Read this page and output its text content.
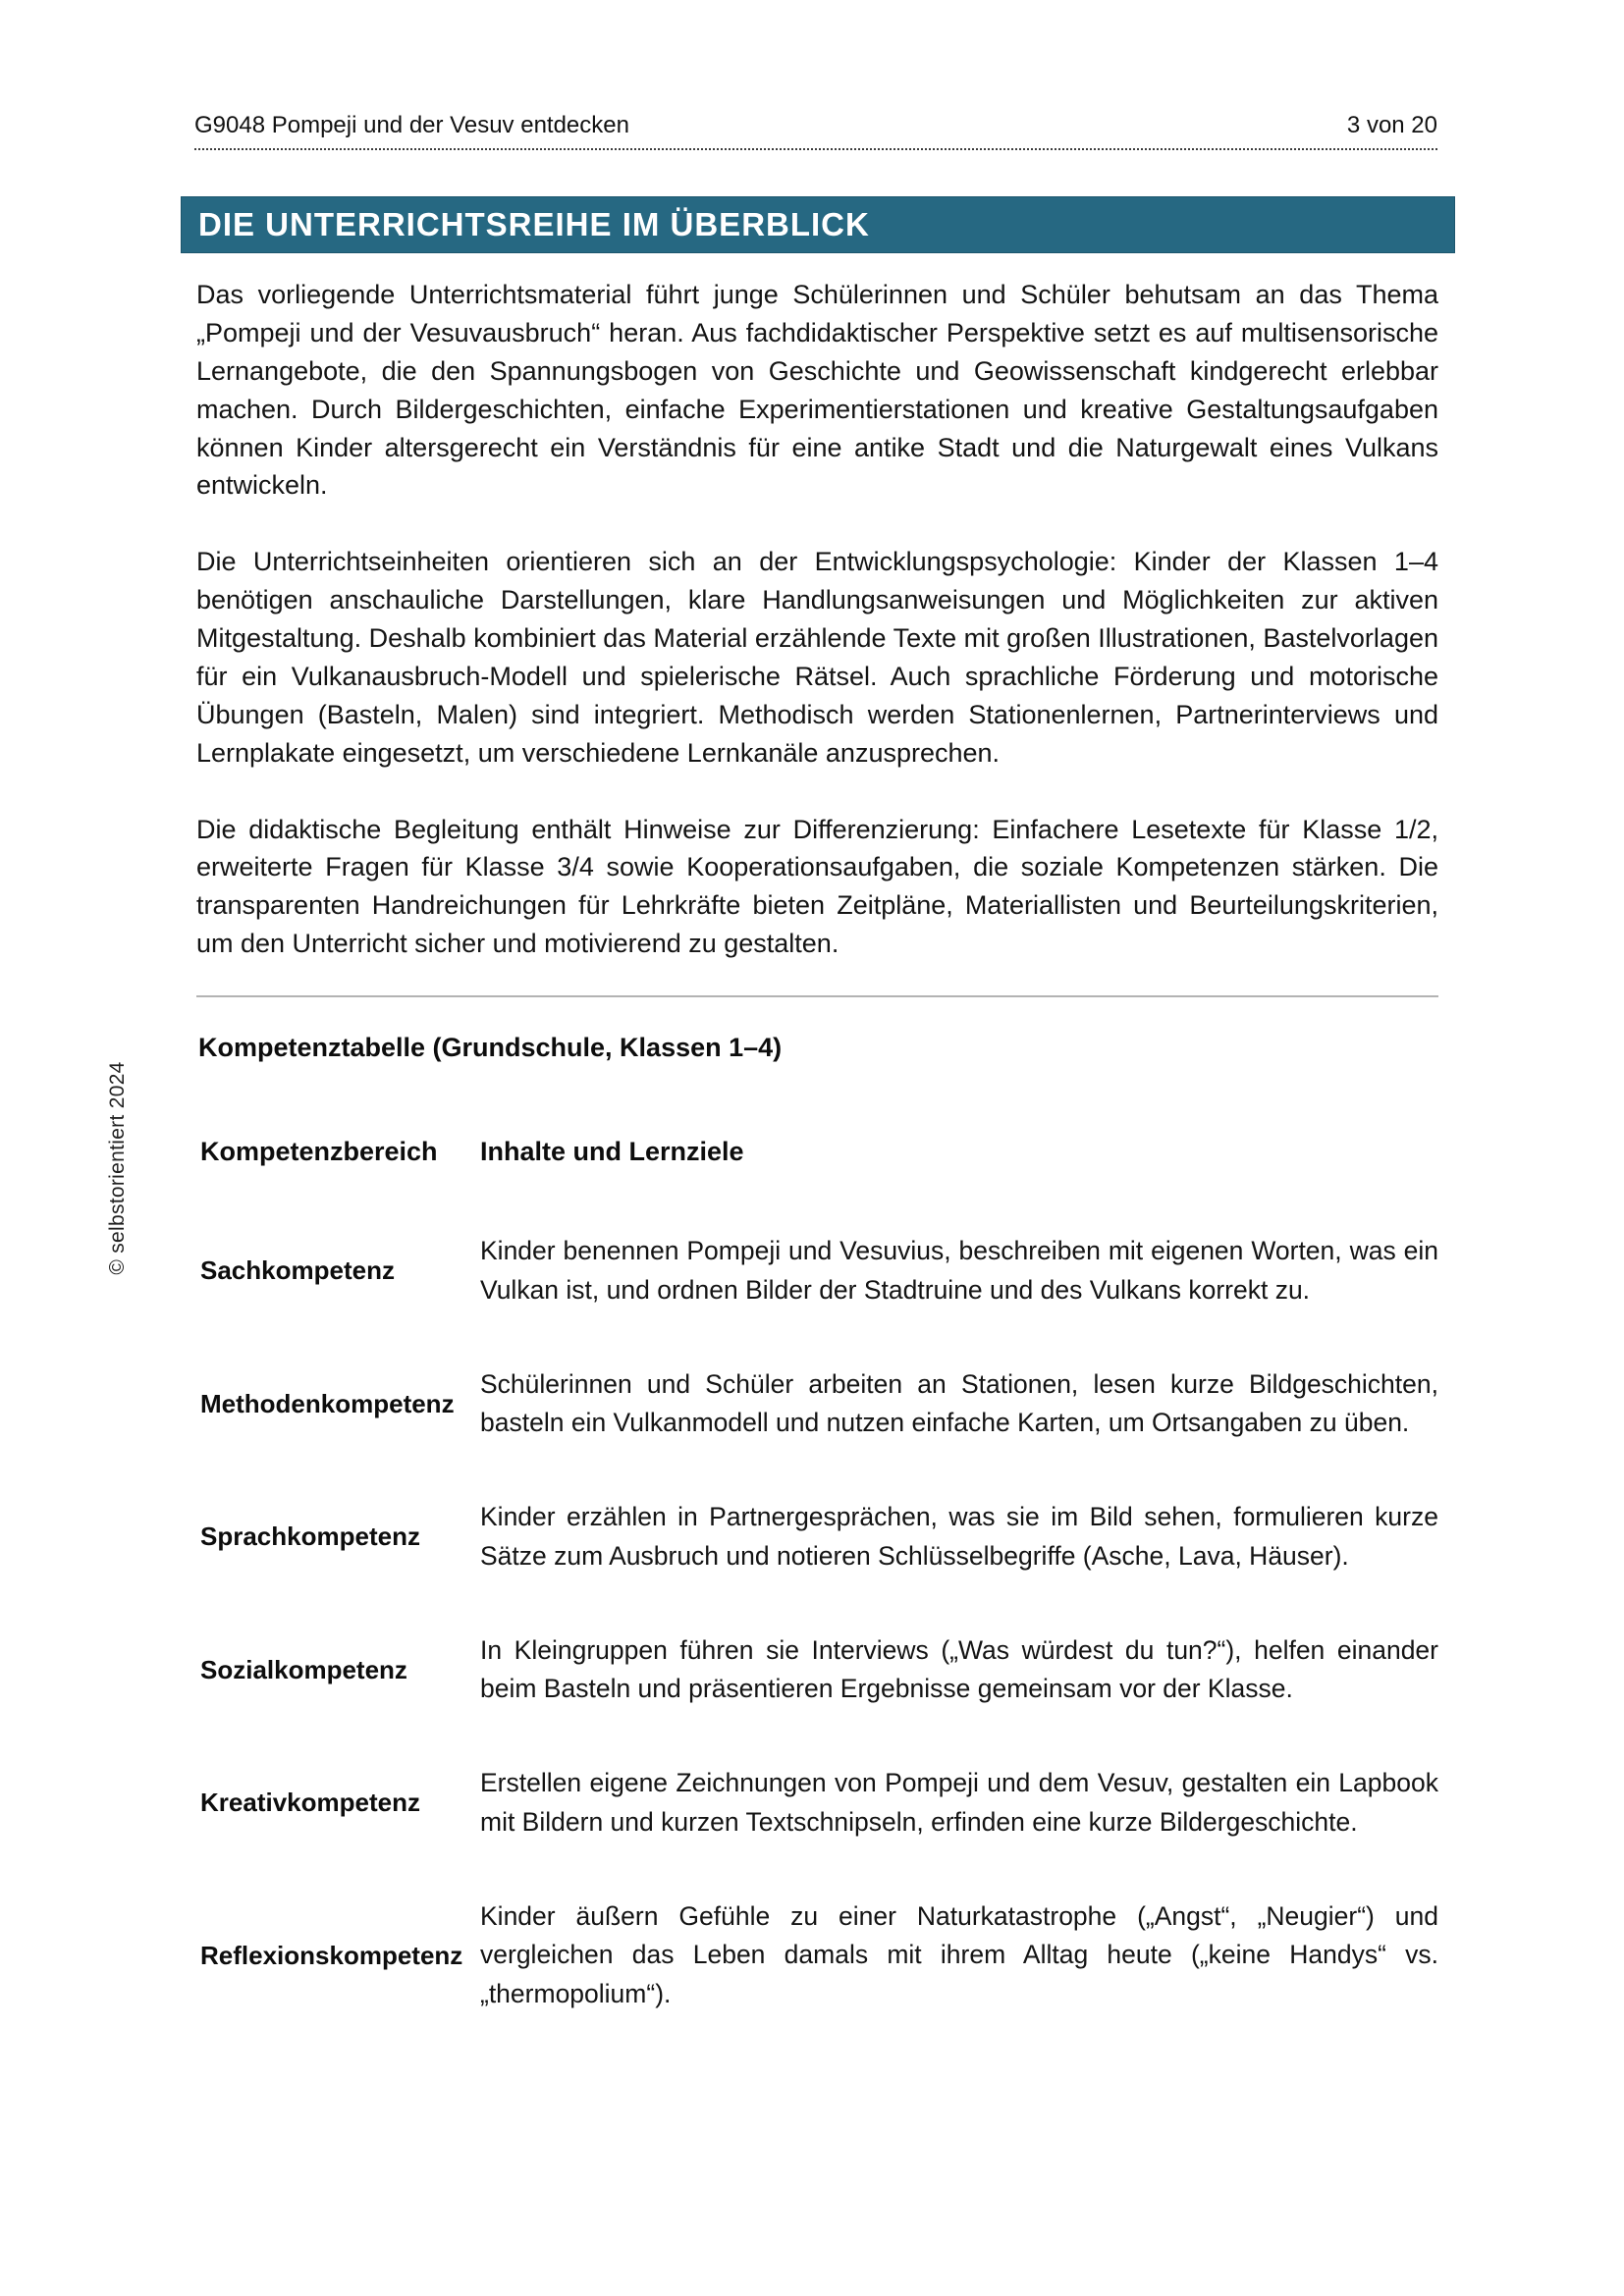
G9048 Pompeji und der Vesuv entdecken	3 von 20
DIE UNTERRICHTSREIHE IM ÜBERBLICK

Das vorliegende Unterrichtsmaterial führt junge Schülerinnen und Schüler behutsam an das Thema „Pompeji und der Vesuvausbruch“ heran. Aus fachdidaktischer Perspektive setzt es auf multisensorische Lernangebote, die den Spannungsbogen von Geschichte und Geowissenschaft kindgerecht erlebbar machen. Durch Bildergeschichten, einfache Experimentierstationen und kreative Gestaltungsaufgaben können Kinder altersgerecht ein Verständnis für eine antike Stadt und die Naturgewalt eines Vulkans entwickeln.

Die Unterrichtseinheiten orientieren sich an der Entwicklungspsychologie: Kinder der Klassen 1–4 benötigen anschauliche Darstellungen, klare Handlungsanweisungen und Möglichkeiten zur aktiven Mitgestaltung. Deshalb kombiniert das Material erzählende Texte mit großen Illustrationen, Bastelvorlagen für ein Vulkanausbruch-Modell und spielerische Rätsel. Auch sprachliche Förderung und motorische Übungen (Basteln, Malen) sind integriert. Methodisch werden Stationenlernen, Partnerinterviews und Lernplakate eingesetzt, um verschiedene Lernkanäle anzusprechen.

Die didaktische Begleitung enthält Hinweise zur Differenzierung: Einfachere Lesetexte für Klasse 1/2, erweiterte Fragen für Klasse 3/4 sowie Kooperationsaufgaben, die soziale Kompetenzen stärken. Die transparenten Handreichungen für Lehrkräfte bieten Zeitpläne, Materiallisten und Beurteilungskriterien, um den Unterricht sicher und motivierend zu gestalten.

Kompetenztabelle (Grundschule, Klassen 1–4)
Kompetenzbereich	Inhalte und Lernziele
Sachkompetenz
Kinder benennen Pompeji und Vesuvius, beschreiben mit eigenen Worten, was ein Vulkan ist, und ordnen Bilder der Stadtruine und des Vulkans korrekt zu.
Methodenkompetenz
Schülerinnen und Schüler arbeiten an Stationen, lesen kurze Bildgeschichten, basteln ein Vulkanmodell und nutzen einfache Karten, um Ortsangaben zu üben.
Sprachkompetenz
Kinder erzählen in Partnergesprächen, was sie im Bild sehen, formulieren kurze Sätze zum Ausbruch und notieren Schlüsselbegriffe (Asche, Lava, Häuser).
Sozialkompetenz
In Kleingruppen führen sie Interviews („Was würdest du tun?“), helfen einander beim Basteln und präsentieren Ergebnisse gemeinsam vor der Klasse.
Kreativkompetenz
Erstellen eigene Zeichnungen von Pompeji und dem Vesuv, gestalten ein Lapbook mit Bildern und kurzen Textschnipseln, erfinden eine kurze Bildergeschichte.
Reflexionskompetenz
Kinder äußern Gefühle zu einer Naturkatastrophe („Angst“, „Neugier“) und vergleichen das Leben damals mit ihrem Alltag heute („keine Handys“ vs. „thermopolium“).
© selbstorientiert 2024
